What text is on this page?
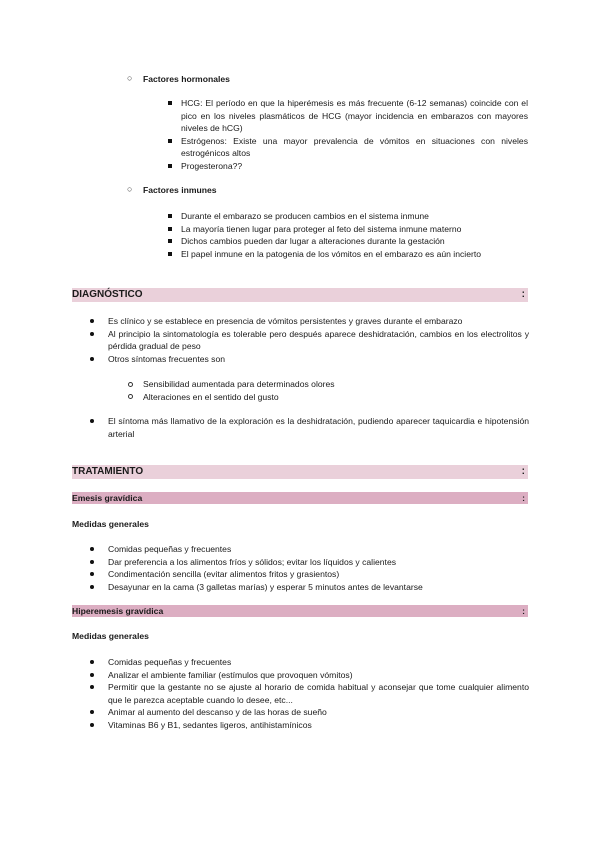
○ Factores hormonales
HCG: El período en que la hiperémesis es más frecuente (6-12 semanas) coincide con el pico en los niveles plasmáticos de HCG (mayor incidencia en embarazos con mayores niveles de hCG)
Estrógenos: Existe una mayor prevalencia de vómitos en situaciones con niveles estrogénicos altos
Progesterona??
○ Factores inmunes
Durante el embarazo se producen cambios en el sistema inmune
La mayoría tienen lugar para proteger al feto del sistema inmune materno
Dichos cambios pueden dar lugar a alteraciones durante la gestación
El papel inmune en la patogenia de los vómitos en el embarazo es aún incierto
DIAGNÓSTICO	:
Es clínico y se establece en presencia de vómitos persistentes y graves durante el embarazo
Al principio la sintomatología es tolerable pero después aparece deshidratación, cambios en los electrolitos y pérdida gradual de peso
Otros síntomas frecuentes son
Sensibilidad aumentada para determinados olores
Alteraciones en el sentido del gusto
El síntoma más llamativo de la exploración es la deshidratación, pudiendo aparecer taquicardia e hipotensión arterial
TRATAMIENTO	:
Emesis gravídica	:
Medidas generales
Comidas pequeñas y frecuentes
Dar preferencia a los alimentos fríos y sólidos; evitar los líquidos y calientes
Condimentación sencilla (evitar alimentos fritos y grasientos)
Desayunar en la cama (3 galletas marías) y esperar 5 minutos antes de levantarse
Hiperemesis gravídica	:
Medidas generales
Comidas pequeñas y frecuentes
Analizar el ambiente familiar (estímulos que provoquen vómitos)
Permitir que la gestante no se ajuste al horario de comida habitual y aconsejar que tome cualquier alimento que le parezca aceptable cuando lo desee, etc...
Animar al aumento del descanso y de las horas de sueño
Vitaminas B6 y B1, sedantes ligeros, antihistamínicos
